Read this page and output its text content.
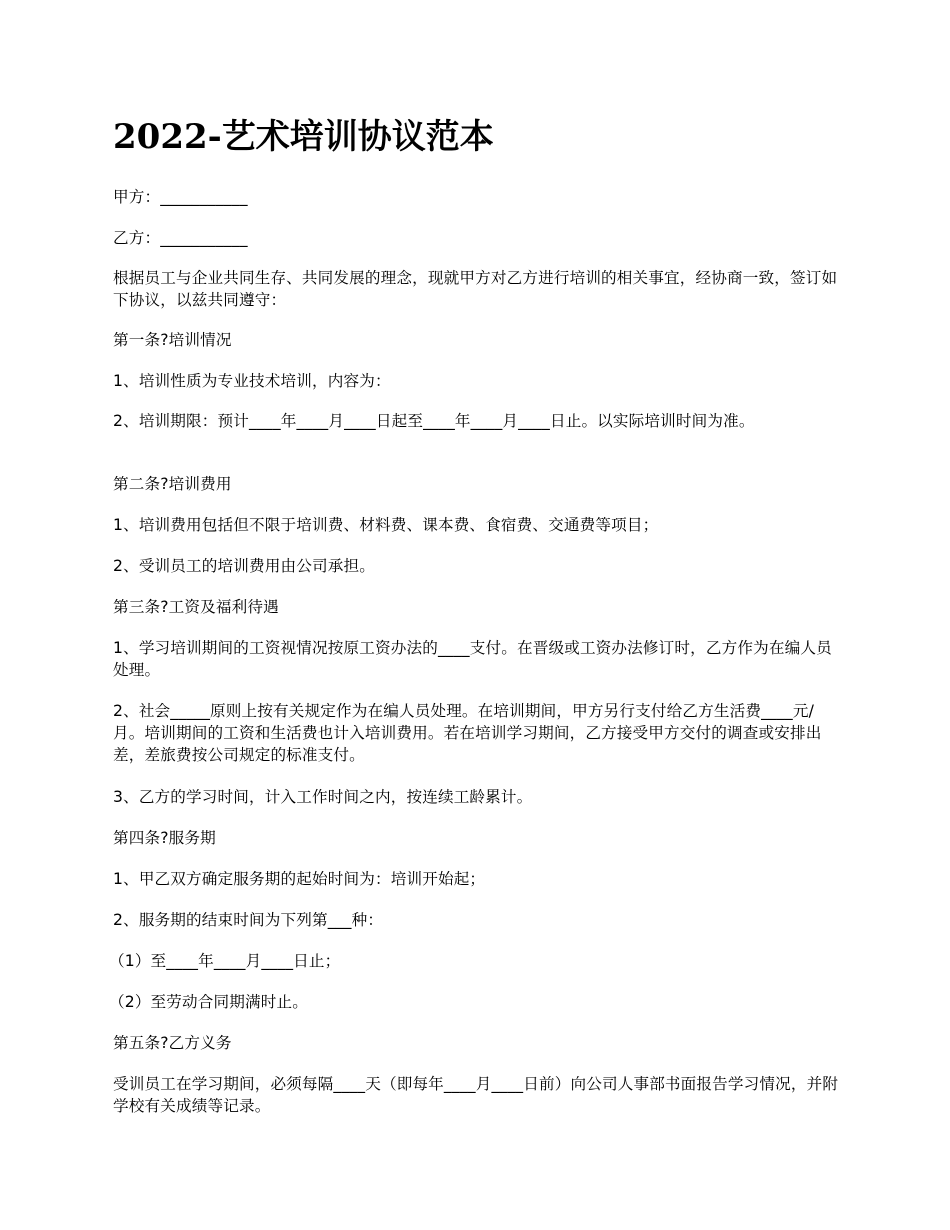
2022-艺术培训协议范本

甲方：___________

乙方：___________

根据员工与企业共同生存、共同发展的理念，现就甲方对乙方进行培训的相关事宜，经协商一致，签订如下协议，以兹共同遵守：

第一条?培训情况

1、培训性质为专业技术培训，内容为：

2、培训期限：预计____年____月____日起至____年____月____日止。以实际培训时间为准。

第二条?培训费用

1、培训费用包括但不限于培训费、材料费、课本费、食宿费、交通费等项目；

2、受训员工的培训费用由公司承担。

第三条?工资及福利待遇

1、学习培训期间的工资视情况按原工资办法的____支付。在晋级或工资办法修订时，乙方作为在编人员处理。

2、社会_____原则上按有关规定作为在编人员处理。在培训期间，甲方另行支付给乙方生活费____元/月。培训期间的工资和生活费也计入培训费用。若在培训学习期间，乙方接受甲方交付的调查或安排出差，差旅费按公司规定的标准支付。

3、乙方的学习时间，计入工作时间之内，按连续工龄累计。

第四条?服务期

1、甲乙双方确定服务期的起始时间为：培训开始起；

2、服务期的结束时间为下列第___种：

（1）至____年____月____日止；

（2）至劳动合同期满时止。

第五条?乙方义务

受训员工在学习期间，必须每隔____天（即每年____月____日前）向公司人事部书面报告学习情况，并附学校有关成绩等记录。
